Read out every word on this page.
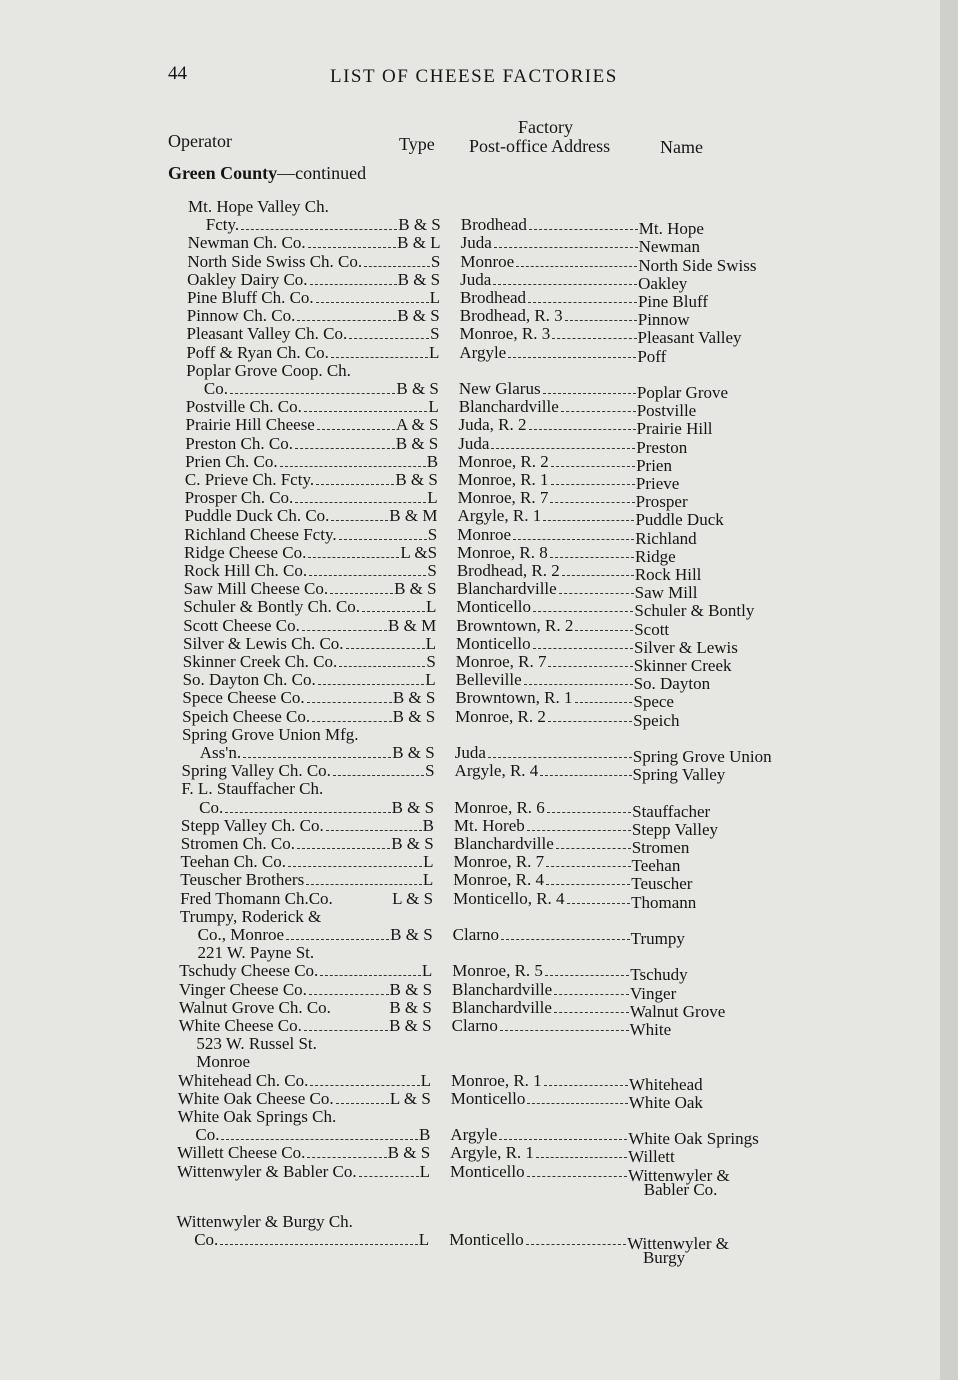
44	LIST OF CHEESE FACTORIES
Operator	Type
Factory
Post-office Address	Name
Green County—continued
Mt. Hope Valley Ch.
Fcty.	B & S Brodhead	Mt. Hope
Newman Ch. Co.	B & L Juda	Newman
North Side Swiss Ch. Co.	S Monroe	North Side Swiss
Oakley Dairy Co.	B & S Juda	Oakley
Pine Bluff Ch. Co.	L Brodhead	Pine Bluff
Pinnow Ch. Co.	B & S Brodhead, R. 3	Pinnow
Pleasant Valley Ch. Co.	S Monroe, R. 3	Pleasant Valley
Poff & Ryan Ch. Co.	L Argyle	Poff
Poplar Grove Coop. Ch.
Co.	B & S New Glarus	Poplar Grove
Postville Ch. Co.	L Blanchardville	Postville
Prairie Hill Cheese	A & S Juda, R. 2	Prairie Hill
Preston Ch. Co.	B & S Juda	Preston
Prien Ch. Co.	B Monroe, R. 2	Prien
C. Prieve Ch. Fcty.	B & S Monroe, R. 1	Prieve
Prosper Ch. Co.	L Monroe, R. 7	Prosper
Puddle Duck Ch. Co.	B & M Argyle, R. 1	Puddle Duck
Richland Cheese Fcty.	S Monroe	Richland
Ridge Cheese Co.	L &S Monroe, R. 8	Ridge
Rock Hill Ch. Co.	S Brodhead, R. 2	Rock Hill
Saw Mill Cheese Co.	B & S Blanchardville	Saw Mill
Schuler & Bontly Ch. Co.	L Monticello	Schuler & Bontly
Scott Cheese Co.	B & M Browntown, R. 2	Scott
Silver & Lewis Ch. Co.	L Monticello	Silver & Lewis
Skinner Creek Ch. Co.	S Monroe, R. 7	Skinner Creek
So. Dayton Ch. Co.	L Belleville	So. Dayton
Spece Cheese Co.	B & S Browntown, R. 1	Spece
Speich Cheese Co.	B & S Monroe, R. 2	Speich
Spring Grove Union Mfg.
Ass'n.	B & S Juda	Spring Grove Union
Spring Valley Ch. Co.	S Argyle, R. 4	Spring Valley
F. L. Stauffacher Ch.
Co.	B & S Monroe, R. 6	Stauffacher
Stepp Valley Ch. Co.	B Mt. Horeb	Stepp Valley
Stromen Ch. Co.	B & S Blanchardville	Stromen
Teehan Ch. Co.	L Monroe, R. 7	Teehan
Teuscher Brothers	L Monroe, R. 4	Teuscher
Fred Thomann Ch.Co.	L & S Monticello, R. 4	Thomann
Trumpy, Roderick &
Co., Monroe	B & S Clarno	Trumpy
221 W. Payne St.
Tschudy Cheese Co.	L Monroe, R. 5	Tschudy
Vinger Cheese Co.	B & S Blanchardville	Vinger
Walnut Grove Ch. Co.	B & S Blanchardville	Walnut Grove
White Cheese Co.	B & S Clarno	White
523 W. Russel St.
Monroe
Whitehead Ch. Co.	L Monroe, R. 1	Whitehead
White Oak Cheese Co.	L & S Monticello	White Oak
White Oak Springs Ch.
Co.	B Argyle	White Oak Springs
Willett Cheese Co.	B & S Argyle, R. 1	Willett
Wittenwyler & Babler Co.	L Monticello	Wittenwyler &
Babler Co.
Wittenwyler & Burgy Ch.
Co.	L Monticello	Wittenwyler &
Burgy
